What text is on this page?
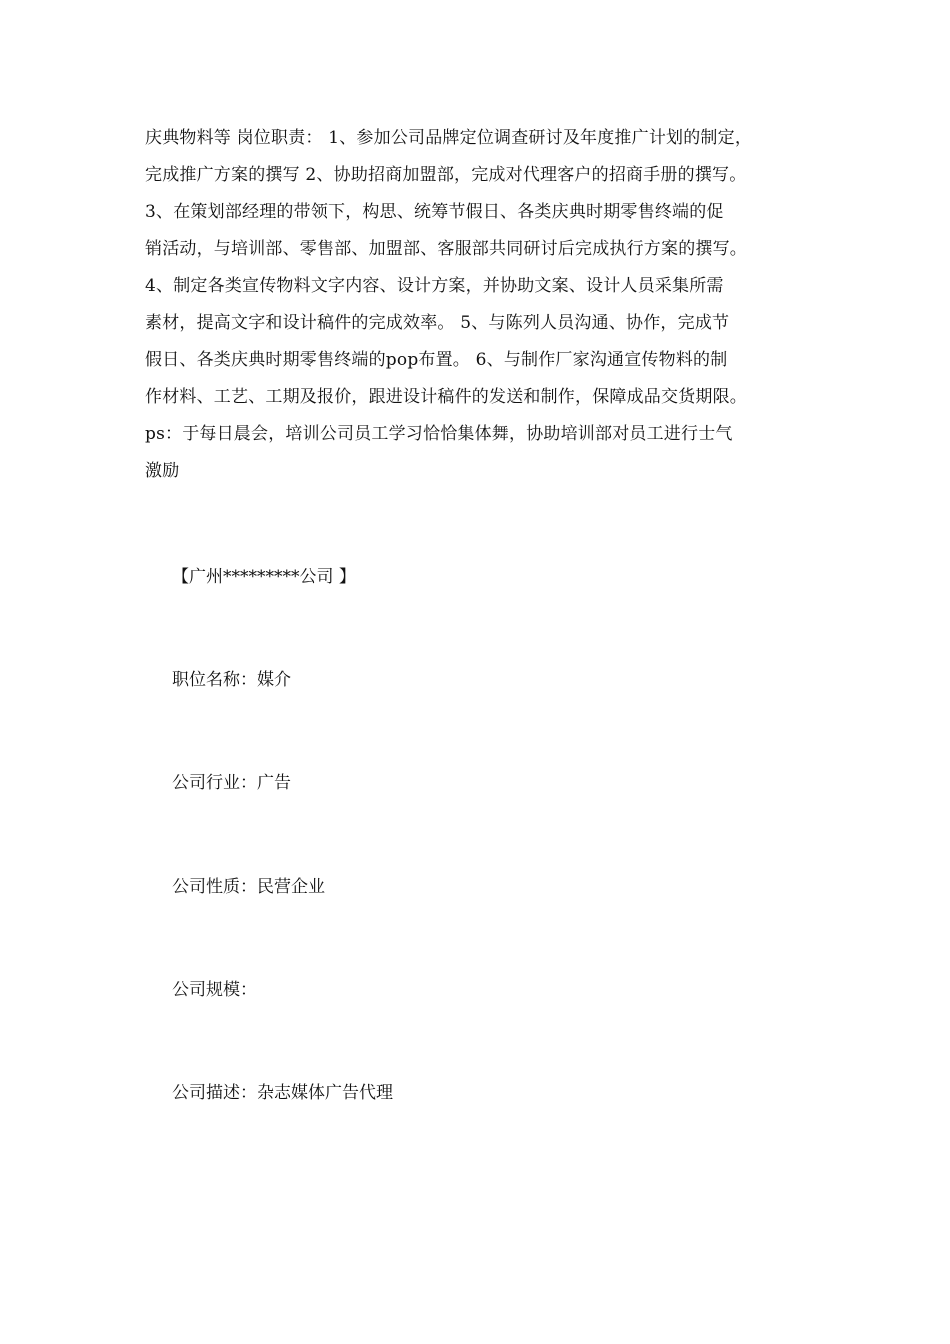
庆典物料等 岗位职责： 1、参加公司品牌定位调查研讨及年度推广计划的制定，
完成推广方案的撰写 2、协助招商加盟部，完成对代理客户的招商手册的撰写。
3、在策划部经理的带领下，构思、统筹节假日、各类庆典时期零售终端的促
销活动，与培训部、零售部、加盟部、客服部共同研讨后完成执行方案的撰写。
4、制定各类宣传物料文字内容、设计方案，并协助文案、设计人员采集所需
素材，提高文字和设计稿件的完成效率。 5、与陈列人员沟通、协作，完成节
假日、各类庆典时期零售终端的pop布置。 6、与制作厂家沟通宣传物料的制
作材料、工艺、工期及报价，跟进设计稿件的发送和制作，保障成品交货期限。
ps：于每日晨会，培训公司员工学习恰恰集体舞，协助培训部对员工进行士气
激励
【广州*********公司 】
职位名称：媒介
公司行业：广告
公司性质：民营企业
公司规模：
公司描述：杂志媒体广告代理
